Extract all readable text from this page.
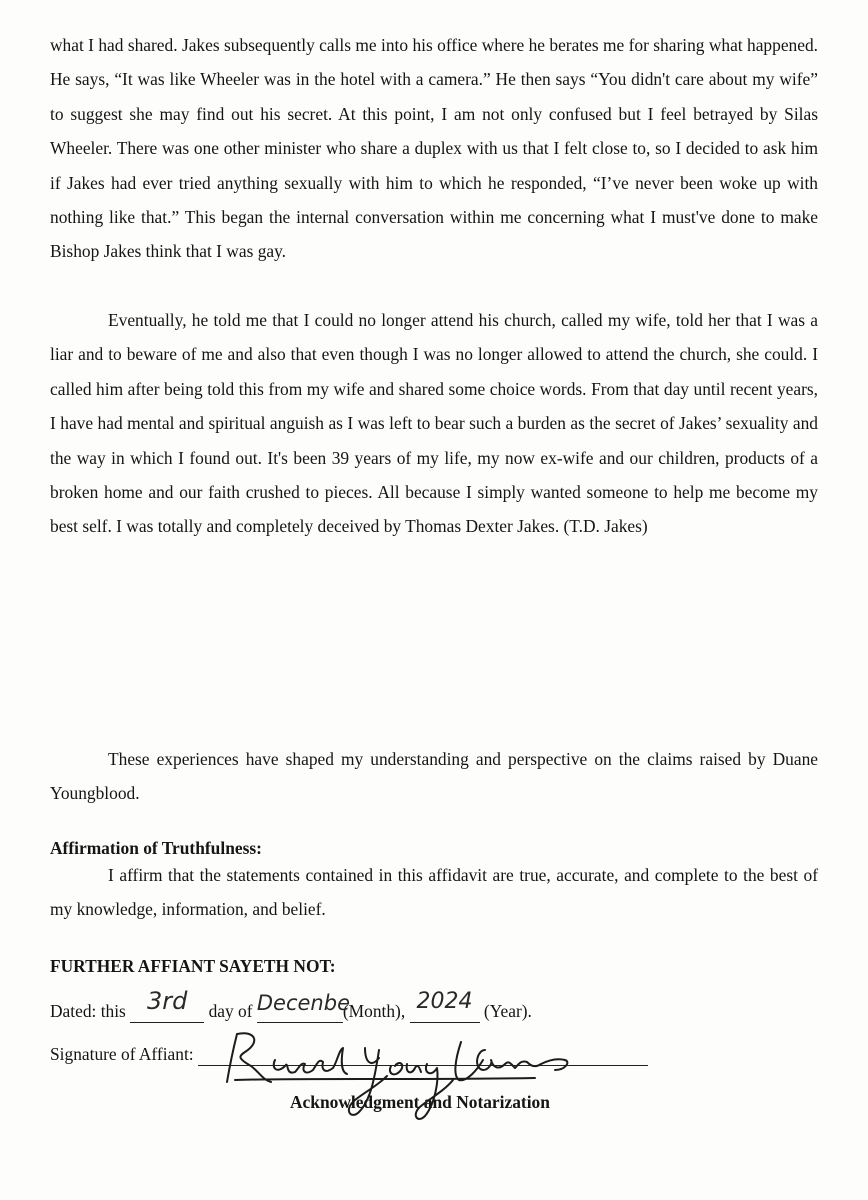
what I had shared. Jakes subsequently calls me into his office where he berates me for sharing what happened. He says, “It was like Wheeler was in the hotel with a camera.” He then says “You didn't care about my wife” to suggest she may find out his secret. At this point, I am not only confused but I feel betrayed by Silas Wheeler. There was one other minister who share a duplex with us that I felt close to, so I decided to ask him if Jakes had ever tried anything sexually with him to which he responded, “I’ve never been woke up with nothing like that.” This began the internal conversation within me concerning what I must've done to make Bishop Jakes think that I was gay.

Eventually, he told me that I could no longer attend his church, called my wife, told her that I was a liar and to beware of me and also that even though I was no longer allowed to attend the church, she could. I called him after being told this from my wife and shared some choice words. From that day until recent years, I have had mental and spiritual anguish as I was left to bear such a burden as the secret of Jakes’ sexuality and the way in which I found out. It's been 39 years of my life, my now ex-wife and our children, products of a broken home and our faith crushed to pieces. All because I simply wanted someone to help me become my best self. I was totally and completely deceived by Thomas Dexter Jakes. (T.D. Jakes)

These experiences have shaped my understanding and perspective on the claims raised by Duane Youngblood.

Affirmation of Truthfulness:

I affirm that the statements contained in this affidavit are true, accurate, and complete to the best of my knowledge, information, and belief.

FURTHER AFFIANT SAYETH NOT:

Dated: this 3rd	day of Decenbe
(Month), 2024 (Year).
Signature of Affiant:

Acknowledgment and Notarization
